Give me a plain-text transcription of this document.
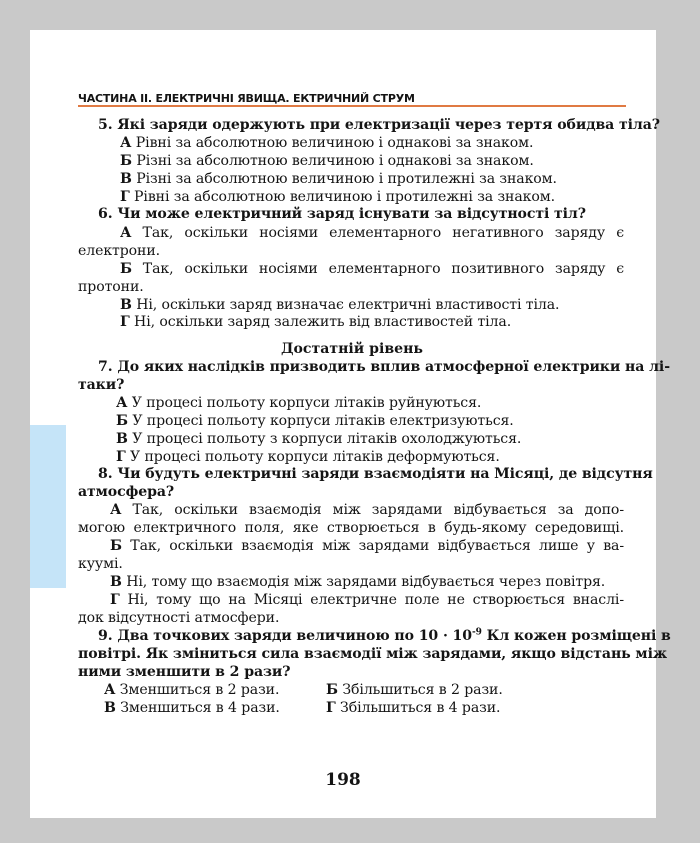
ЧАСТИНА II. ЕЛЕКТРИЧНІ ЯВИЩА. ЕКТРИЧНИЙ СТРУМ
5. Які заряди одержують при електризації через тертя обидва тіла?
А Рівні за абсолютною величиною і однакові за знаком.
Б Різні за абсолютною величиною і однакові за знаком.
В Різні за абсолютною величиною і протилежні за знаком.
Г Рівні за абсолютною величиною і протилежні за знаком.
6. Чи може електричний заряд існувати за відсутності тіл?
А Так, оскільки носіями елементарного негативного заряду є
електрони.
Б Так, оскільки носіями елементарного позитивного заряду є
протони.
В Ні, оскільки заряд визначає електричні властивості тіла.
Г Ні, оскільки заряд залежить від властивостей тіла.
Достатній рівень
7. До яких наслідків призводить вплив атмосферної електрики на лі-
таки?
А У процесі польоту корпуси літаків руйнуються.
Б У процесі польоту корпуси літаків електризуються.
В У процесі польоту з корпуси літаків охолоджуються.
Г У процесі польоту корпуси літаків деформуються.
8. Чи будуть електричні заряди взаємодіяти на Місяці, де відсутня
атмосфера?
А Так, оскільки взаємодія між зарядами відбувається за допо-
могою електричного поля, яке створюється в будь-якому середовищі.
Б Так, оскільки взаємодія між зарядами відбувається лише у ва-
куумі.
В Ні, тому що взаємодія між зарядами відбувається через повітря.
Г Ні, тому що на Місяці електричне поле не створюється внаслі-
док відсутності атмосфери.
9. Два точкових заряди величиною по $10 \cdot 10^{-9}$ Кл кожен розміщені в
повітрі. Як зміниться сила взаємодії між зарядами, якщо відстань між
ними зменшити в 2 рази?
А Зменшиться в 2 рази.	Б Збільшиться в 2 рази.
В Зменшиться в 4 рази.	Г Збільшиться в 4 рази.
198
